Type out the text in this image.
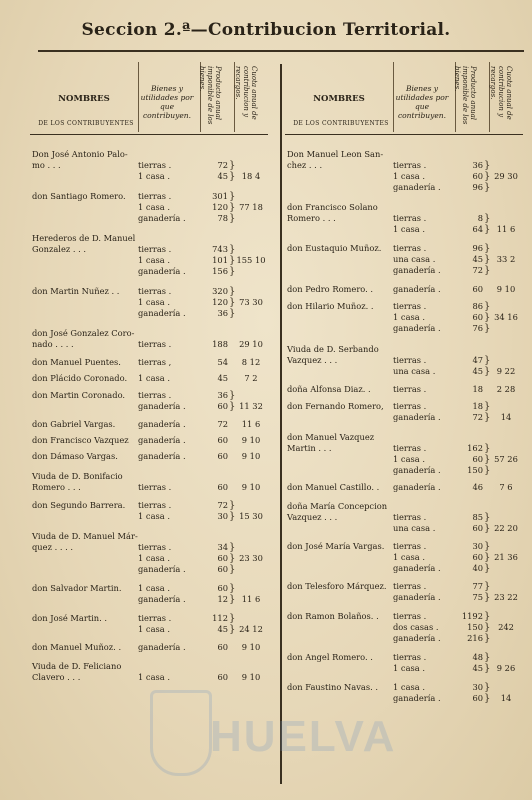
Seccion 2.ª—Contribucion Territorial.
NOMBRES
DE LOS CONTRIBUYENTES
Bienes y utilidades por que contribuyen.	Producto anual imponible de los bienes.	Cuota anual de contribucion y recargos.
Don José Antonio Palo-
mo . . .	tierras .	72 }
1 casa .	45	18 4
}
don Santiago Romero. tierras .	301 }
1 casa .	120	77 18
}
ganadería .	78 }
Herederos de D. Manuel
Gonzalez . . .	tierras .	743 }
1 casa .	101 155 10
}
ganadería .	156 }
don Martin Nuñez . . tierras .	320 }
1 casa .	120	73 30
}
ganadería .	36 }
don José Gonzalez Coro-
nado . . . .	tierras .	188	29 10
don Manuel Puentes. tierras ,	54	8 12
don Plácido Coronado. 1 casa .	45	7 2
don Martin Coronado. tierras .	36 }
ganadería .	60	11 32
}
don Gabriel Vargas.	ganadería .	72	11 6
don Francisco Vazquez ganadería .	60	9 10
don Dámaso Vargas. ganadería .	60	9 10
Viuda de D. Bonifacio
Romero . . .	tierras .	60	9 10
don Segundo Barrera. tierras .	72 }
1 casa .	30	15 30
}
Viuda de D. Manuel Már-
quez . . . .	tierras .	34 }
1 casa .	60	23 30
}
ganadería .	60 }
don Salvador Martin. 1 casa .	60 }
ganadería .	12	11 6
}
don José Martin. .	tierras .	112 }
1 casa .	45	24 12
}
don Manuel Muñoz. . ganadería .	60	9 10
Viuda de D. Feliciano
Clavero . . .	1 casa .	60	9 10
NOMBRES
DE LOS CONTRIBUYENTES
Bienes y utilidades por que contribuyen.	Producto anual imponible de los bienes.	Cuota anual de contribucion y recargos.
Don Manuel Leon San-
chez . . .	tierras .	36 }
1 casa .	60	29 30
}
ganadería .	96 }
don Francisco Solano
Romero . . .	tierras .	8 }
1 casa .	64	11 6
}
don Eustaquio Muñoz. tierras .	96 }
una casa .	45	33 2
}
ganadería .	72 }
don Pedro Romero. . ganadería .	60	9 10
don Hilario Muñoz. . tierras .	86 }
1 casa .	60	34 16
}
ganadería .	76 }
Viuda de D. Serbando
Vazquez . . .	tierras .	47 }
una casa .	45	9 22
}
doña Alfonsa Diaz. .	tierras .	18	2 28
don Fernando Romero, tierras .	18 }
ganadería .	72	14
}
don Manuel Vazquez
Martin . . .	tierras .	162 }
1 casa .	60	57 26
}
ganadería .	150 }
don Manuel Castillo. . ganadería .	46	7 6
doña María Concepcion
Vazquez . . .	tierras .	85 }
una casa .	60	22 20
}
don José María Vargas. tierras .	30 }
1 casa .	60	21 36
}
ganadería .	40 }
don Telesforo Márquez. tierras .	77 }
ganadería .	75	23 22
}
don Ramon Bolaños. . tierras .	1192 }
dos casas .	150	242
}
ganadería .	216 }
don Angel Romero. . tierras .	48 }
1 casa .	45	9 26
}
don Faustino Navas. . 1 casa .	30 }
ganadería .	60	14
}
HUELVA
